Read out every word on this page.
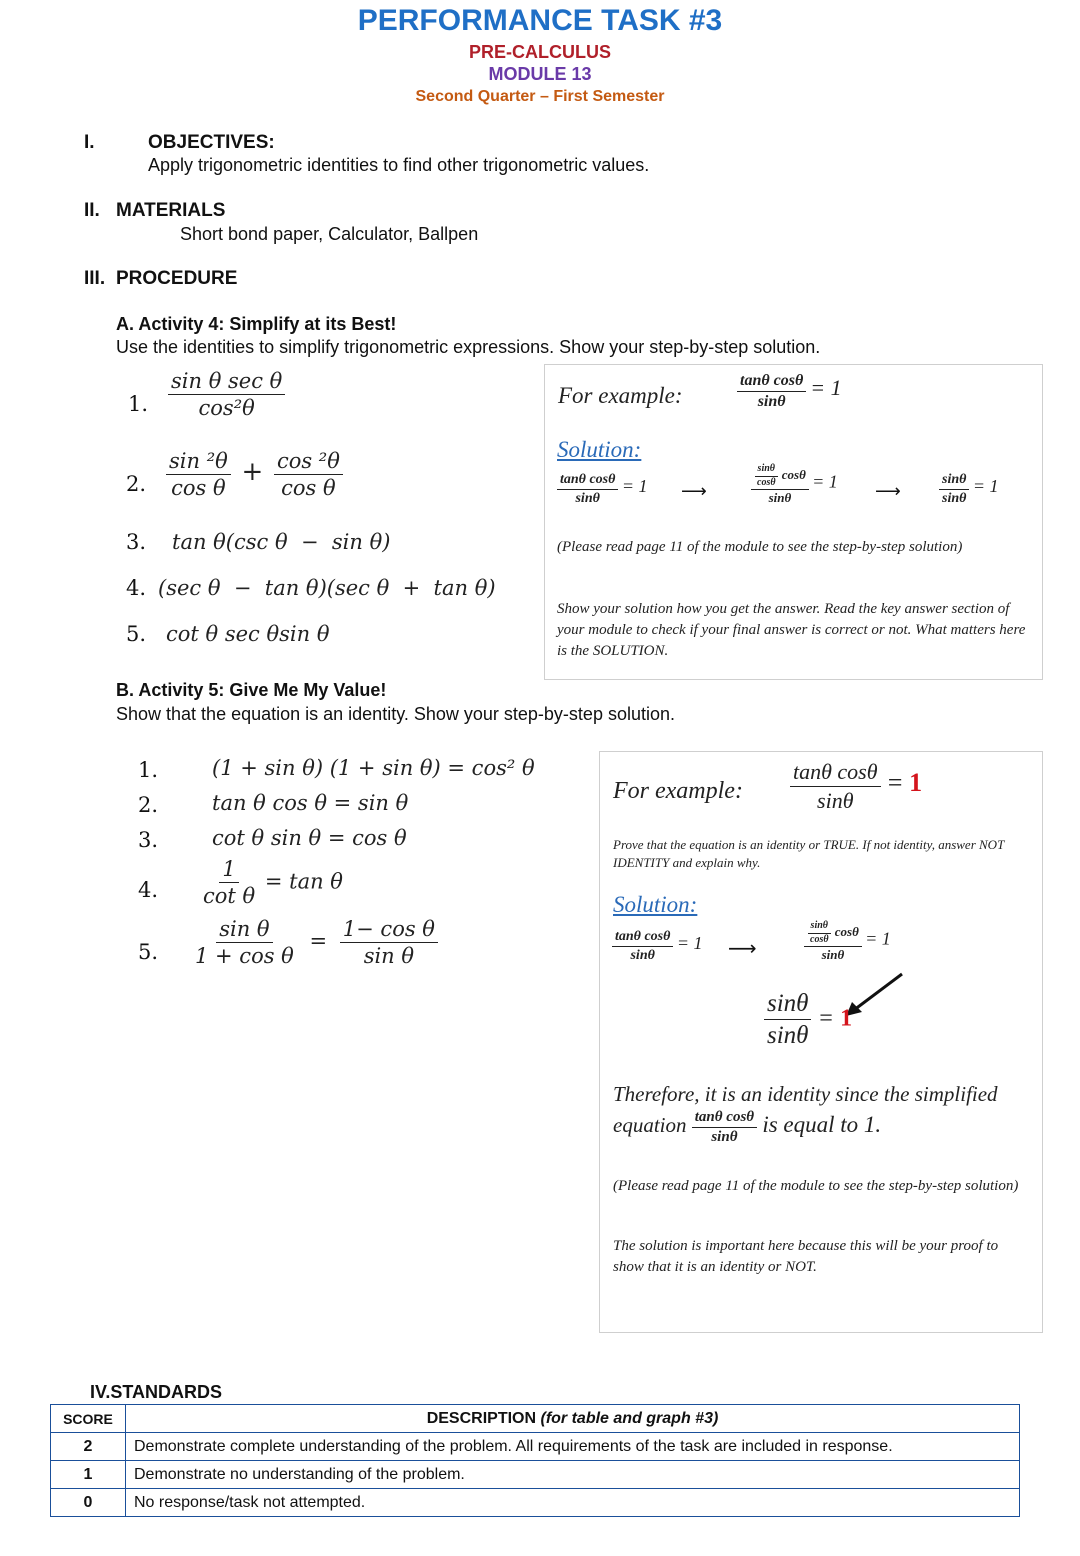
PERFORMANCE TASK #3
PRE-CALCULUS
MODULE 13
Second Quarter – First Semester
I.	OBJECTIVES:
Apply trigonometric identities to find other trigonometric values.
II. MATERIALS
Short bond paper, Calculator, Ballpen
III. PROCEDURE
A. Activity 4: Simplify at its Best!
Use the identities to simplify trigonometric expressions. Show your step-by-step solution.
1. $\frac{\text{sin θ sec θ}}{\text{cos²θ}}$
2. $\frac{\text{sin ²θ}}{\text{cos θ}} + \frac{\text{cos ²θ}}{\text{cos θ}}$
3. tan θ(csc θ  −  sin θ)
4. (sec θ  −  tan θ)(sec θ  +  tan θ)
5. cot θ sec θsin θ
For example:	$\frac{\text{tanθ cosθ}}{\sin\theta} = 1$
Solution:
$\frac{\text{tanθ cosθ}}{\sin\theta} = 1$ ⟶	$\frac{\frac{\sin\theta}{\cos\theta} \cos\theta}{\sin\theta} = 1$ ⟶	$\frac{\sin\theta}{\sin\theta} = 1$
(Please read page 11 of the module to see the step-by-step solution)
Show your solution how you get the answer. Read the key answer section of your module to check if your final answer is correct or not. What matters here is the SOLUTION.
B. Activity 5: Give Me My Value!
Show that the equation is an identity. Show your step-by-step solution.
1.	(1 + sin θ) (1 + sin θ) = cos² θ
2.	tan θ cos θ = sin θ
3.	cot θ sin θ = cos θ
4. $\frac{1}{\text{cot θ}} = \tan \theta$
5. $\frac{\text{sin θ}}{\text{1 + cos θ}} = \frac{\text{1− cos θ}}{\text{sin θ}}$
For example: $\frac{\text{tanθ cosθ}}{\sin\theta} = 1$
Prove that the equation is an identity or TRUE. If not identity, answer NOT IDENTITY and explain why.
Solution:
$\frac{\text{tanθ cosθ}}{\sin\theta} = 1$ ⟶	$\frac{\frac{\sin\theta}{\cos\theta} \cos\theta}{\sin\theta} = 1$
$\frac{\sin\theta}{\sin\theta} = 1$
Therefore, it is an identity since the simplified
equation $\frac{\text{tanθ cosθ}}{\sin\theta}$ is equal to 1.
(Please read page 11 of the module to see the step-by-step solution)
The solution is important here because this will be your proof to show that it is an identity or NOT.
IV.STANDARDS
SCORE	DESCRIPTION (for table and graph #3)
2	Demonstrate complete understanding of the problem. All requirements of the task are included in response.
1	Demonstrate no understanding of the problem.
0	No response/task not attempted.
